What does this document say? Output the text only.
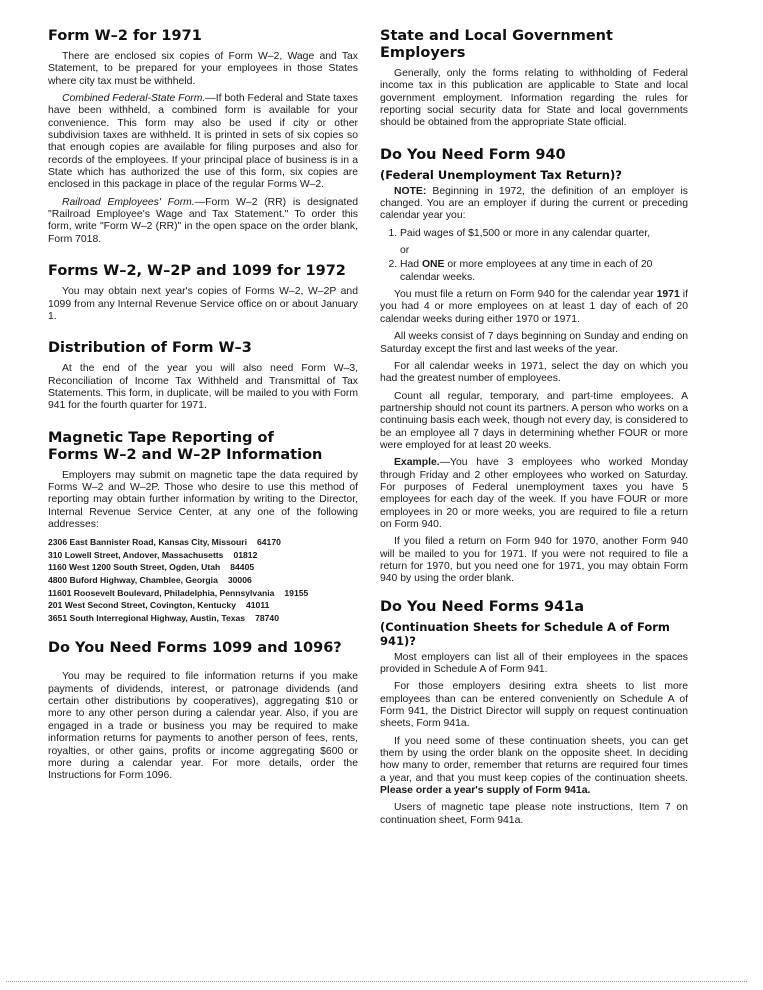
Form W–2 for 1971

There are enclosed six copies of Form W–2, Wage and Tax Statement, to be prepared for your employees in those States where city tax must be withheld.

Combined Federal-State Form.—If both Federal and State taxes have been withheld, a combined form is available for your convenience. This form may also be used if city or other subdivision taxes are withheld. It is printed in sets of six copies so that enough copies are available for filing purposes and also for records of the employees. If your principal place of business is in a State which has authorized the use of this form, six copies are enclosed in this package in place of the regular Forms W–2.

Railroad Employees' Form.—Form W–2 (RR) is designated "Railroad Employee's Wage and Tax Statement." To order this form, write "Form W–2 (RR)" in the open space on the order blank, Form 7018.

Forms W–2, W–2P and 1099 for 1972

You may obtain next year's copies of Forms W–2, W–2P and 1099 from any Internal Revenue Service office on or about January 1.

Distribution of Form W–3

At the end of the year you will also need Form W–3, Reconciliation of Income Tax Withheld and Transmittal of Tax Statements. This form, in duplicate, will be mailed to you with Form 941 for the fourth quarter for 1971.

Magnetic Tape Reporting of
Forms W–2 and W–2P Information

Employers may submit on magnetic tape the data required by Forms W–2 and W–2P. Those who desire to use this method of reporting may obtain further information by writing to the Director, Internal Revenue Service Center, at any one of the following addresses:

2306 East Bannister Road, Kansas City, Missouri 64170
310 Lowell Street, Andover, Massachusetts 01812
1160 West 1200 South Street, Ogden, Utah 84405
4800 Buford Highway, Chamblee, Georgia 30006
11601 Roosevelt Boulevard, Philadelphia, Pennsylvania 19155
201 West Second Street, Covington, Kentucky 41011
3651 South Interregional Highway, Austin, Texas 78740
Do You Need Forms 1099 and 1096?

You may be required to file information returns if you make payments of dividends, interest, or patronage dividends (and certain other distributions by cooperatives), aggregating $10 or more to any other person during a calendar year. Also, if you are engaged in a trade or business you may be required to make information returns for payments to another person of fees, rents, royalties, or other gains, profits or income aggregating $600 or more during a calendar year. For more details, order the Instructions for Form 1096.

State and Local Government Employers

Generally, only the forms relating to withholding of Federal income tax in this publication are applicable to State and local government employment. Information regarding the rules for reporting social security data for State and local governments should be obtained from the appropriate State official.

Do You Need Form 940
(Federal Unemployment Tax Return)?

NOTE: Beginning in 1972, the definition of an employer is changed. You are an employer if during the current or preceding calendar year you:

1. Paid wages of $1,500 or more in any calendar quarter,
or
2. Had ONE or more employees at any time in each of 20 calendar weeks.

You must file a return on Form 940 for the calendar year 1971 if you had 4 or more employees on at least 1 day of each of 20 calendar weeks during either 1970 or 1971.

All weeks consist of 7 days beginning on Sunday and ending on Saturday except the first and last weeks of the year.

For all calendar weeks in 1971, select the day on which you had the greatest number of employees.

Count all regular, temporary, and part-time employees. A partnership should not count its partners. A person who works on a continuing basis each week, though not every day, is considered to be an employee all 7 days in determining whether FOUR or more were employed for at least 20 weeks.

Example.—You have 3 employees who worked Monday through Friday and 2 other employees who worked on Saturday. For purposes of Federal unemployment taxes you have 5 employees for each day of the week. If you have FOUR or more employees in 20 or more weeks, you are required to file a return on Form 940.

If you filed a return on Form 940 for 1970, another Form 940 will be mailed to you for 1971. If you were not required to file a return for 1970, but you need one for 1971, you may obtain Form 940 by using the order blank.

Do You Need Forms 941a
(Continuation Sheets for Schedule A of Form 941)?

Most employers can list all of their employees in the spaces provided in Schedule A of Form 941.

For those employers desiring extra sheets to list more employees than can be entered conveniently on Schedule A of Form 941, the District Director will supply on request continuation sheets, Form 941a.

If you need some of these continuation sheets, you can get them by using the order blank on the opposite sheet. In deciding how many to order, remember that returns are required four times a year, and that you must keep copies of the continuation sheets. Please order a year's supply of Form 941a.

Users of magnetic tape please note instructions, Item 7 on continuation sheet, Form 941a.
